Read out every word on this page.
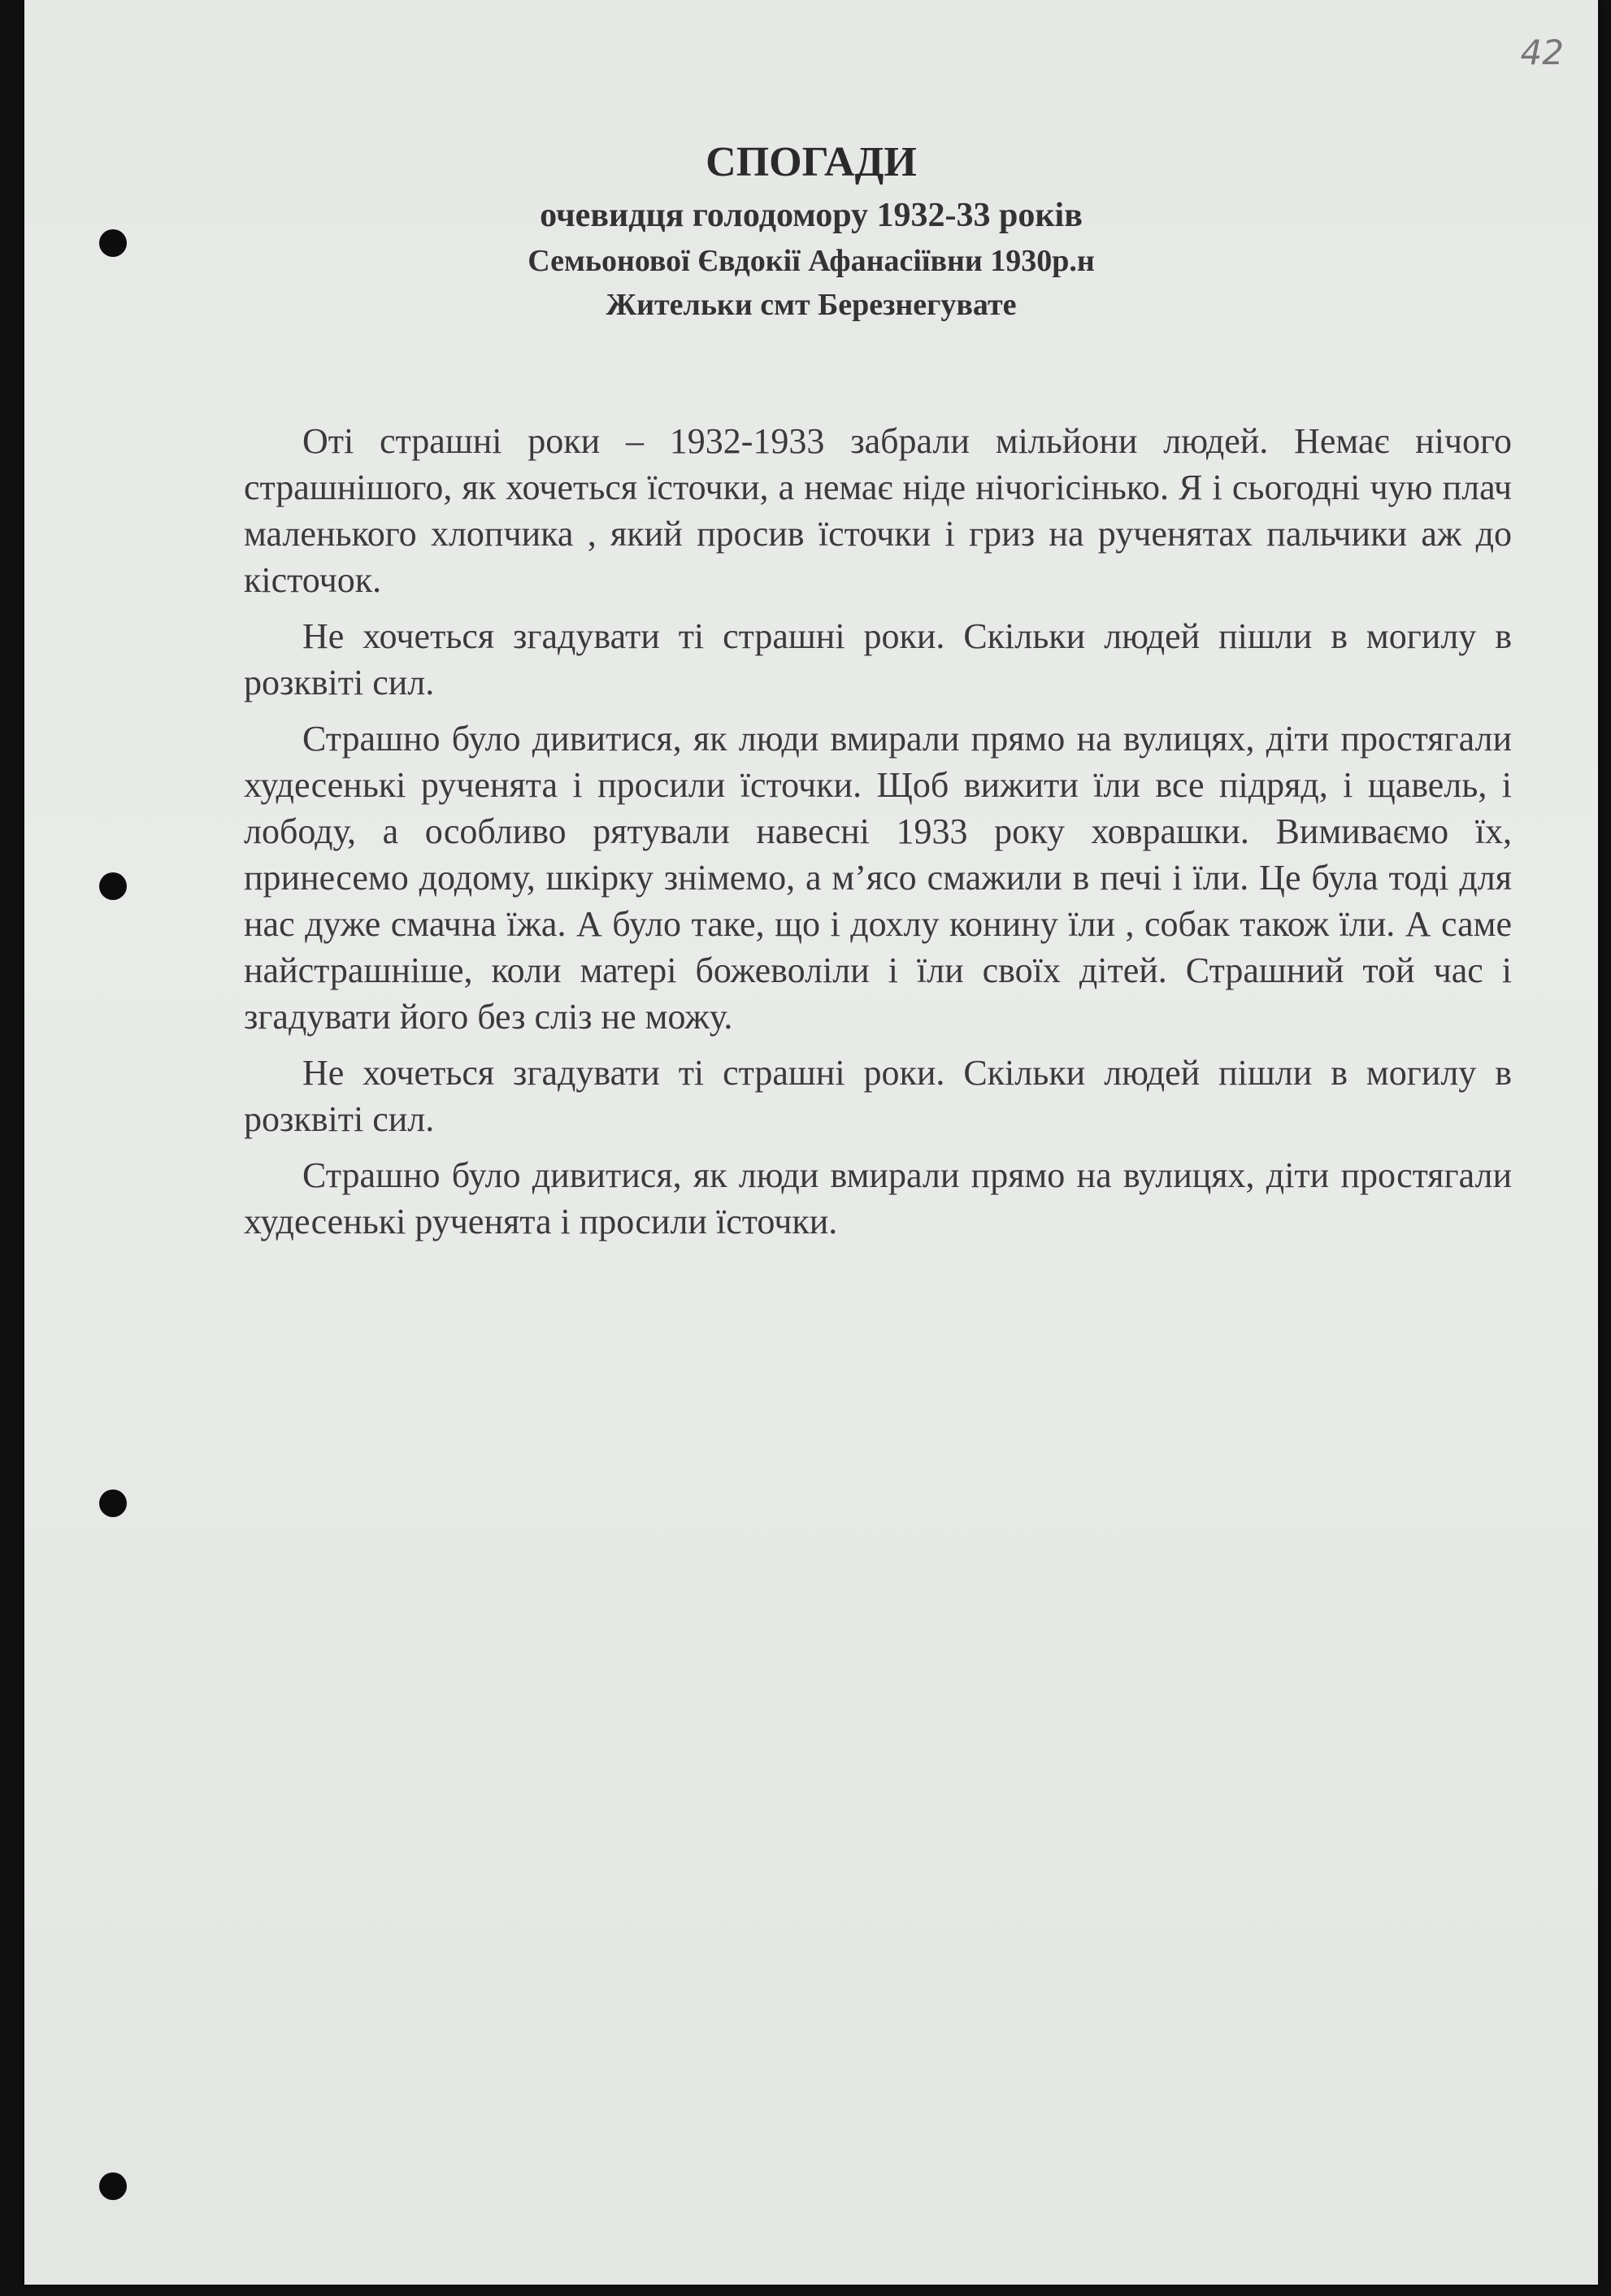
42
СПОГАДИ
очевидця голодомору 1932-33 років
Семьонової Євдокії Афанасіївни 1930р.н
Жительки смт Березнегувате

Оті страшні роки – 1932-1933 забрали мільйони людей. Немає нічого страшнішого, як хочеться їсточки, а немає ніде нічогісінько. Я і сьогодні чую плач маленького хлопчика , який просив їсточки і гриз на рученятах пальчики аж до кісточок.

Не хочеться згадувати ті страшні роки. Скільки людей пішли в могилу в розквіті сил.

Страшно було дивитися, як люди вмирали прямо на вулицях, діти простягали худесенькі рученята і просили їсточки. Щоб вижити їли все підряд, і щавель, і лободу, а особливо рятували навесні 1933 року ховрашки. Вимиваємо їх, принесемо додому, шкірку знімемо, а м’ясо смажили в печі і їли. Це була тоді для нас дуже смачна їжа. А було таке, що і дохлу конину їли , собак також їли. А саме найстрашніше, коли матері божеволіли і їли своїх дітей. Страшний той час і згадувати його без сліз не можу.

Не хочеться згадувати ті страшні роки. Скільки людей пішли в могилу в розквіті сил.

Страшно було дивитися, як люди вмирали прямо на вулицях, діти простягали худесенькі рученята і просили їсточки.
